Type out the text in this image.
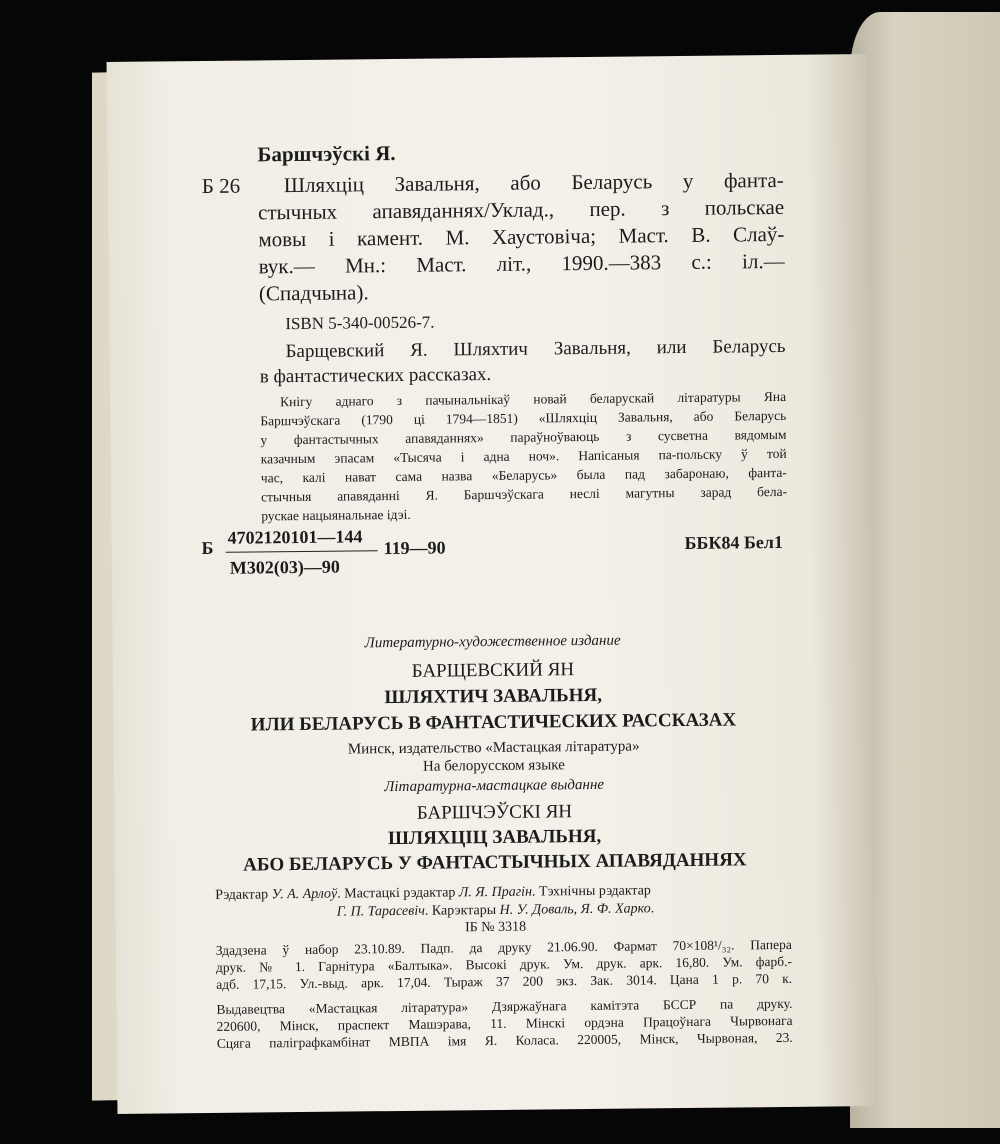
Баршчэўскі Я.
Б 26 Шляхціц Завальня, або Беларусь у фанта-
стычных апавяданнях/Уклад., пер. з польскае
мовы і камент. М. Хаустовіча; Маст. В. Слаў-
вук.— Мн.: Маст. літ., 1990.—383 с.: іл.—
(Спадчына).
ISBN 5-340-00526-7.
Барщевский Я. Шляхтич Завальня, или Беларусь
в фантастических рассказах.
Кнігу аднаго з пачынальнікаў новай беларускай літаратуры Яна
Баршчэўскага (1790 ці 1794—1851) «Шляхціц Завальня, або Беларусь
у фантастычных апавяданнях» параўноўваюць з сусветна вядомым
казачным эпасам «Тысяча і адна ноч». Напісаныя па-польску ў той
час, калі нават сама назва «Беларусь» была пад забаронаю, фанта-
стычныя апавяданні Я. Баршчэўскага неслі магутны зарад бела-
рускае нацыянальнае ідэі.
Б
4702120101—144
М302(03)—90
119—90	ББК84 Бел1
Литературно-художественное издание
БАРЩЕВСКИЙ ЯН
ШЛЯХТИЧ ЗАВАЛЬНЯ,
ИЛИ БЕЛАРУСЬ В ФАНТАСТИЧЕСКИХ РАССКАЗАХ
Минск, издательство «Мастацкая літаратура»
На белорусском языке
Літаратурна-мастацкае выданне
БАРШЧЭЎСКІ ЯН
ШЛЯХЦІЦ ЗАВАЛЬНЯ,
АБО БЕЛАРУСЬ У ФАНТАСТЫЧНЫХ АПАВЯДАННЯХ
Рэдактар У. А. Арлоў. Мастацкі рэдактар Л. Я. Прагін. Тэхнічны рэдактар
Г. П. Тарасевіч. Карэктары Н. У. Доваль, Я. Ф. Харко.
ІБ № 3318
Здадзена ў набор 23.10.89. Падп. да друку 21.06.90. Фармат 70×108¹/₃₂. Папера
друк. № 1. Гарнітура «Балтыка». Высокі друк. Ум. друк. арк. 16,80. Ум. фарб.-
адб. 17,15. Ул.-выд. арк. 17,04. Тыраж 37 200 экз. Зак. 3014. Цана 1 р. 70 к.
Выдавецтва «Мастацкая літаратура» Дзяржаўнага камітэта БССР па друку.
220600, Мінск, праспект Машэрава, 11. Мінскі ордэна Працоўнага Чырвонага
Сцяга паліграфкамбінат МВПА імя Я. Коласа. 220005, Мінск, Чырвоная, 23.
